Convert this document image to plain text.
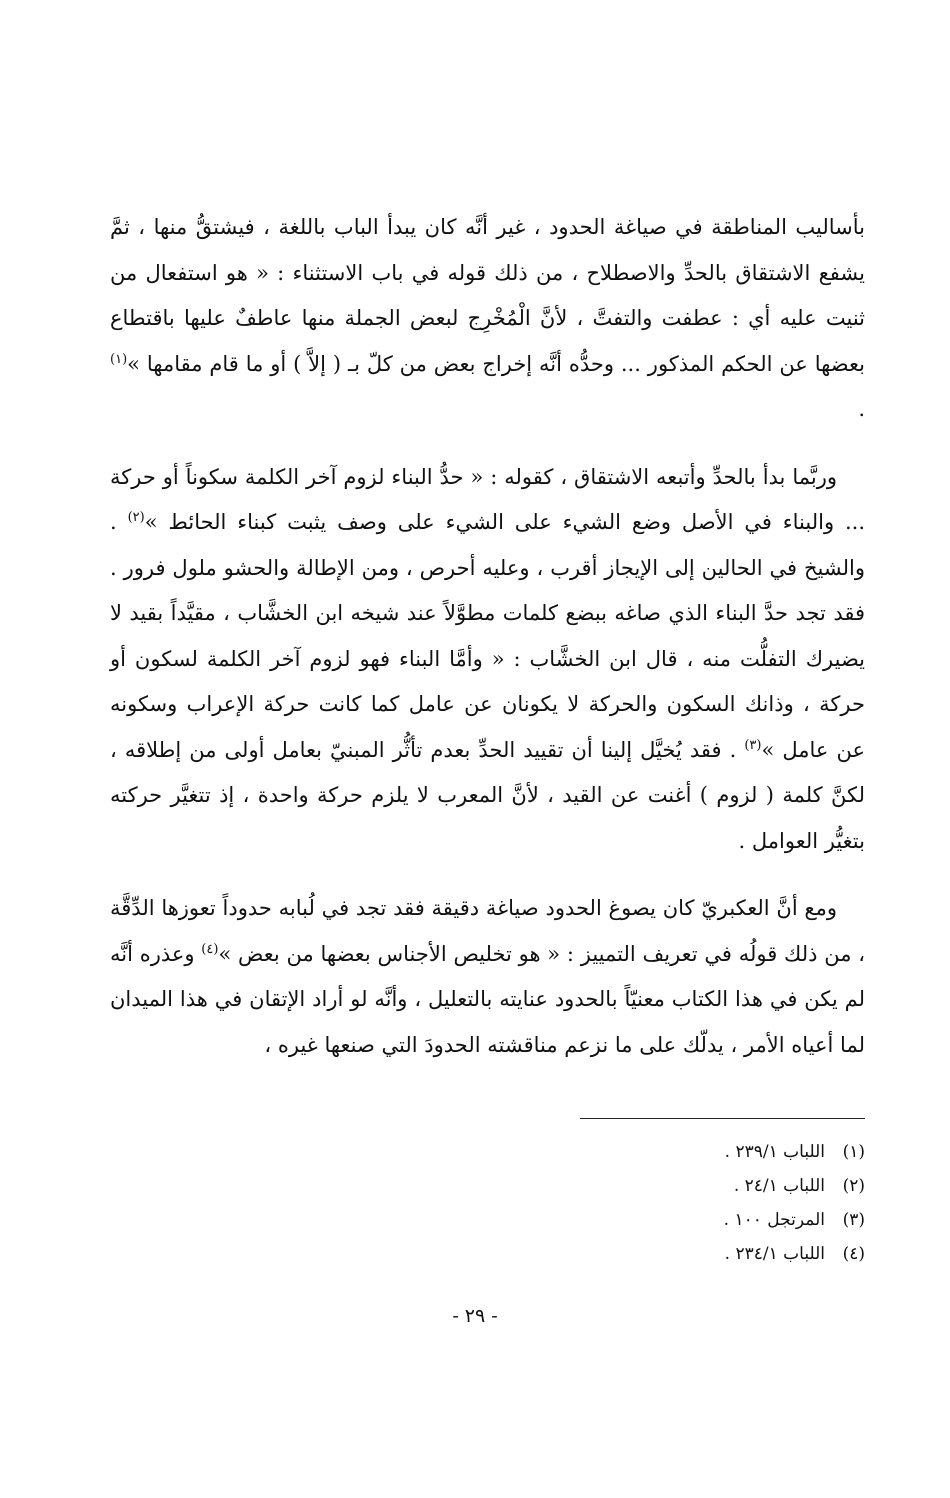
بأساليب المناطقة في صياغة الحدود ، غير أنَّه كان يبدأ الباب باللغة ، فيشتقُّ منها ، ثمَّ يشفع الاشتقاق بالحدِّ والاصطلاح ، من ذلك قوله في باب الاستثناء : « هو استفعال من ثنيت عليه أي : عطفت والتفتَّ ، لأنَّ الْمُخْرِج لبعض الجملة منها عاطفٌ عليها باقتطاع بعضها عن الحكم المذكور ... وحدُّه أنَّه إخراج بعض من كلّ بـ ( إلاَّ ) أو ما قام مقامها »$^{(١)}$ .

وربَّما بدأ بالحدِّ وأتبعه الاشتقاق ، كقوله : « حدُّ البناء لزوم آخر الكلمة سكوناً أو حركة ... والبناء في الأصل وضع الشيء على الشيء على وصف يثبت كبناء الحائط »$^{(٢)}$ . والشيخ في الحالين إلى الإيجاز أقرب ، وعليه أحرص ، ومن الإطالة والحشو ملول فرور . فقد تجد حدَّ البناء الذي صاغه ببضع كلمات مطوَّلاً عند شيخه ابن الخشَّاب ، مقيَّداً بقيد لا يضيرك التفلُّت منه ، قال ابن الخشَّاب : « وأمَّا البناء فهو لزوم آخر الكلمة لسكون أو حركة ، وذانك السكون والحركة لا يكونان عن عامل كما كانت حركة الإعراب وسكونه عن عامل »$^{(٣)}$ . فقد يُخيَّل إلينا أن تقييد الحدِّ بعدم تأثُّر المبنيّ بعامل أولى من إطلاقه ، لكنَّ كلمة ( لزوم ) أغنت عن القيد ، لأنَّ المعرب لا يلزم حركة واحدة ، إذ تتغيَّر حركته بتغيُّر العوامل .

ومع أنَّ العكبريّ كان يصوغ الحدود صياغة دقيقة فقد تجد في لُبابه حدوداً تعوزها الدِّقَّة ، من ذلك قولُه في تعريف التمييز : « هو تخليص الأجناس بعضها من بعض »$^{(٤)}$ وعذره أنَّه لم يكن في هذا الكتاب معنيّاً بالحدود عنايته بالتعليل ، وأنَّه لو أراد الإتقان في هذا الميدان لما أعياه الأمر ، يدلّك على ما نزعم مناقشته الحدودَ التي صنعها غيره ،

(١)اللباب ٢٣٩/١ .
(٢)اللباب ٢٤/١ .
(٣)المرتجل ١٠٠ .
(٤)اللباب ٢٣٤/١ .
- ٢٩ -
